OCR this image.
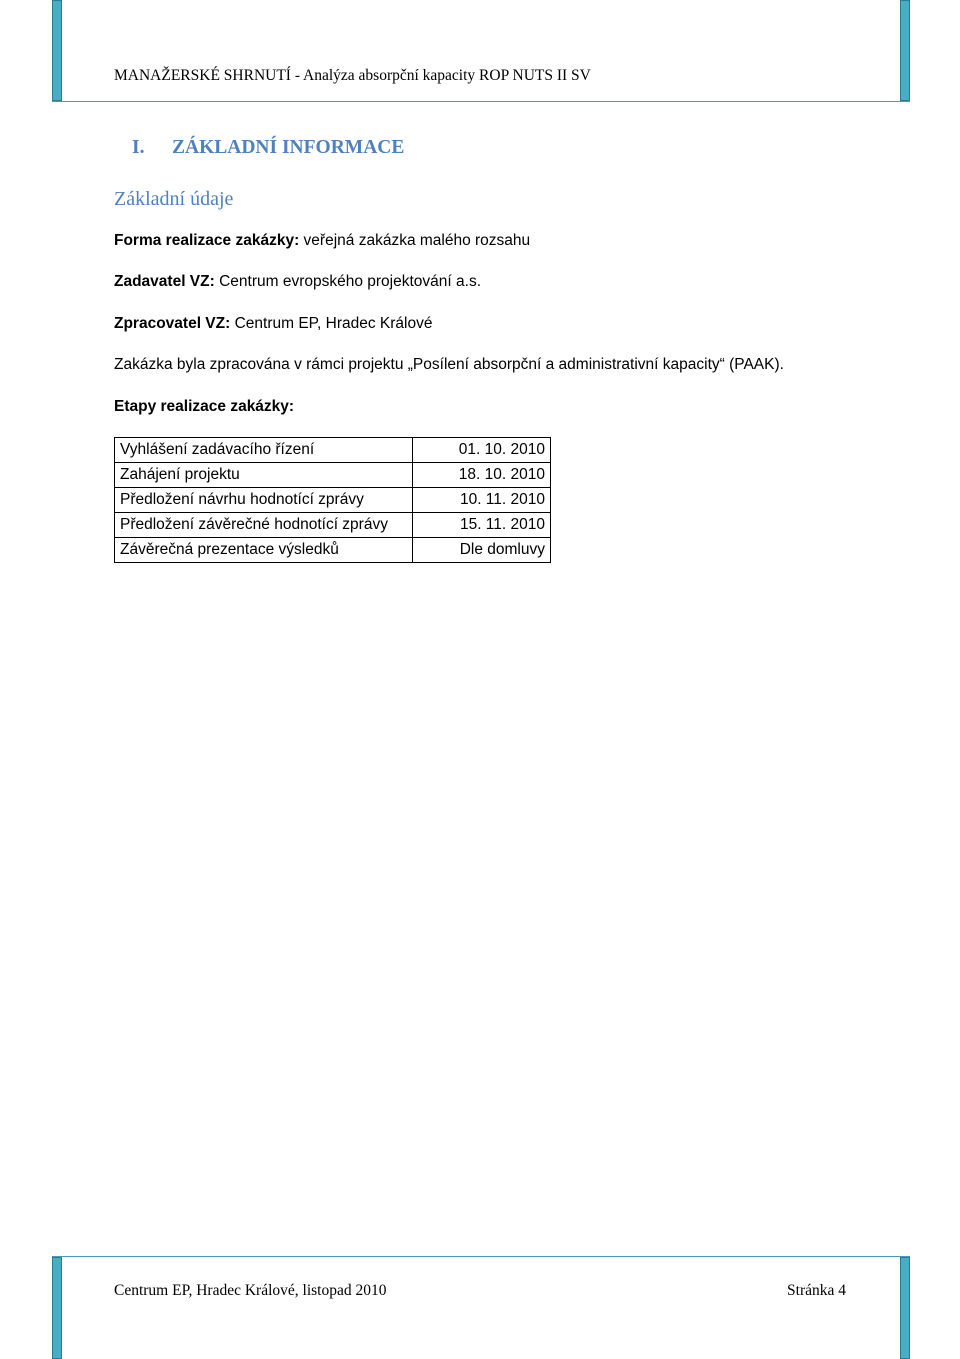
MANAŽERSKÉ SHRNUTÍ - Analýza absorpční kapacity ROP NUTS II SV
I. ZÁKLADNÍ INFORMACE
Základní údaje
Forma realizace zakázky: veřejná zakázka malého rozsahu
Zadavatel VZ: Centrum evropského projektování a.s.
Zpracovatel VZ: Centrum EP, Hradec Králové
Zakázka byla zpracována v rámci projektu „Posílení absorpční a administrativní kapacity“ (PAAK).
Etapy realizace zakázky:
Vyhlášení zadávacího řízení	01. 10. 2010
Zahájení projektu	18. 10. 2010
Předložení návrhu hodnotící zprávy	10. 11. 2010
Předložení závěrečné hodnotící zprávy	15. 11. 2010
Závěrečná prezentace výsledků	Dle domluvy
Centrum EP, Hradec Králové, listopad 2010	Stránka 4
